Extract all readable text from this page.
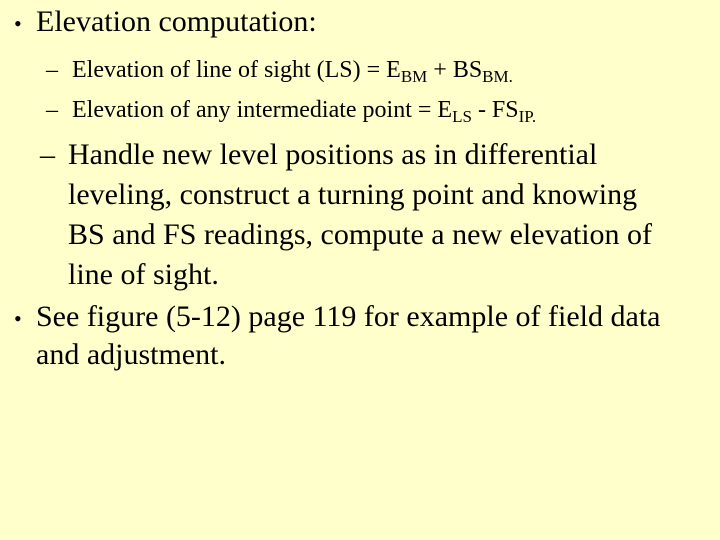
• Elevation computation:
– Elevation of line of sight $(LS) = E_{BM} + BS_{BM.}$
– Elevation of any intermediate point = $E_{LS} - FS_{IP.}$
– Handle new level positions as in differential leveling, construct a turning point and knowing BS and FS readings, compute a new elevation of line of sight.
• See figure (5-12) page 119 for example of field data and adjustment.
